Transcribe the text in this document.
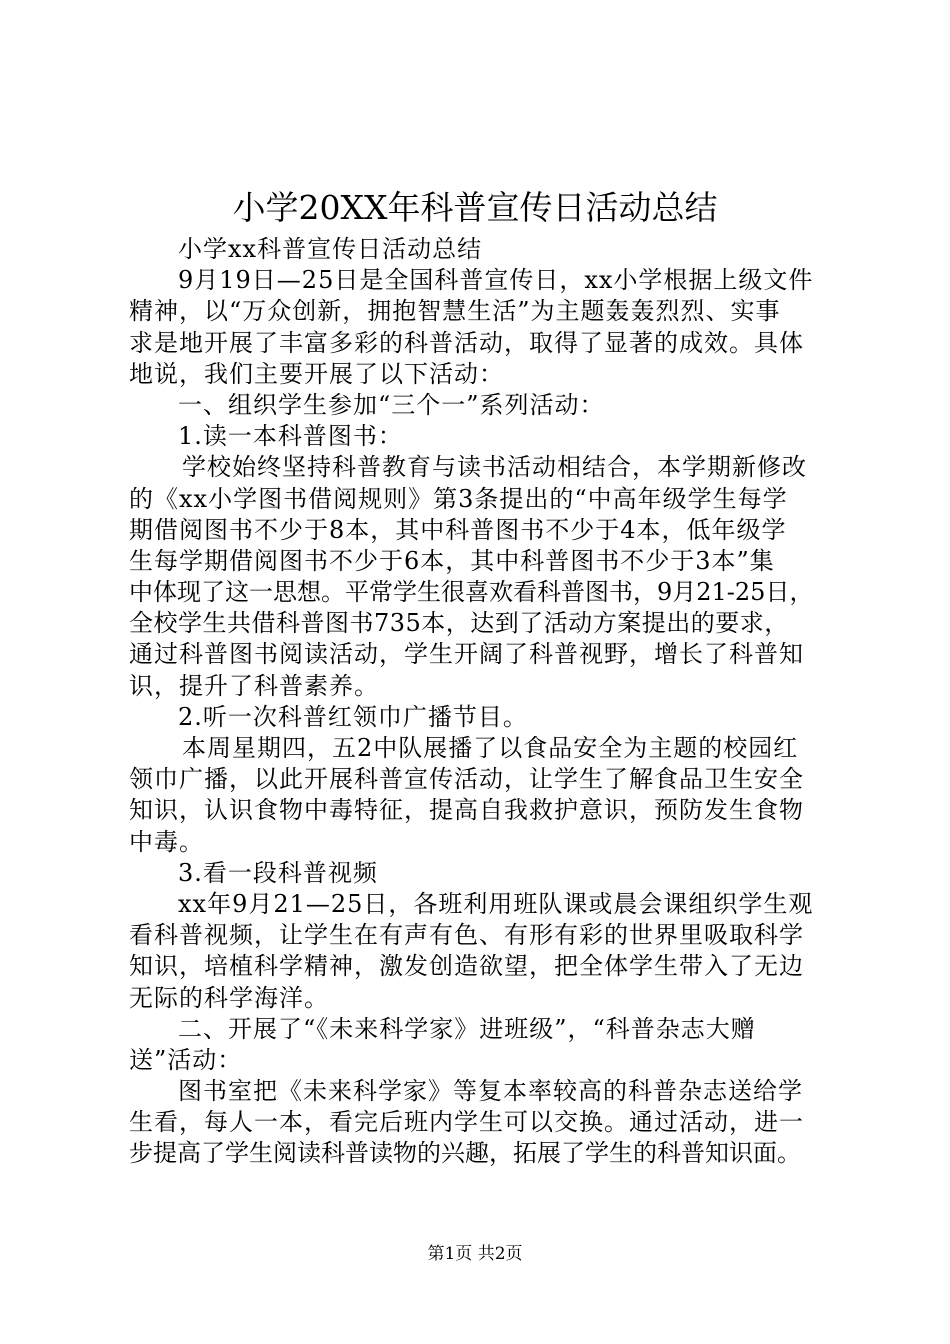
小学20XX年科普宣传日活动总结
小学xx科普宣传日活动总结
9月19日—25日是全国科普宣传日，xx小学根据上级文件
精神，以“万众创新，拥抱智慧生活”为主题轰轰烈烈、实事
求是地开展了丰富多彩的科普活动，取得了显著的成效。具体
地说，我们主要开展了以下活动：
一、组织学生参加“三个一”系列活动：
1.读一本科普图书：
学校始终坚持科普教育与读书活动相结合，本学期新修改
的《xx小学图书借阅规则》第3条提出的“中高年级学生每学
期借阅图书不少于8本，其中科普图书不少于4本，低年级学
生每学期借阅图书不少于6本，其中科普图书不少于3本”集
中体现了这一思想。平常学生很喜欢看科普图书，9月21-25日，
全校学生共借科普图书735本，达到了活动方案提出的要求，
通过科普图书阅读活动，学生开阔了科普视野，增长了科普知
识，提升了科普素养。
2.听一次科普红领巾广播节目。
本周星期四，五2中队展播了以食品安全为主题的校园红
领巾广播，以此开展科普宣传活动，让学生了解食品卫生安全
知识，认识食物中毒特征，提高自我救护意识，预防发生食物
中毒。
3.看一段科普视频
xx年9月21—25日，各班利用班队课或晨会课组织学生观
看科普视频，让学生在有声有色、有形有彩的世界里吸取科学
知识，培植科学精神，激发创造欲望，把全体学生带入了无边
无际的科学海洋。
二、开展了“《未来科学家》进班级”，“科普杂志大赠
送”活动：
图书室把《未来科学家》等复本率较高的科普杂志送给学
生看，每人一本，看完后班内学生可以交换。通过活动，进一
步提高了学生阅读科普读物的兴趣，拓展了学生的科普知识面。
第1页 共2页
